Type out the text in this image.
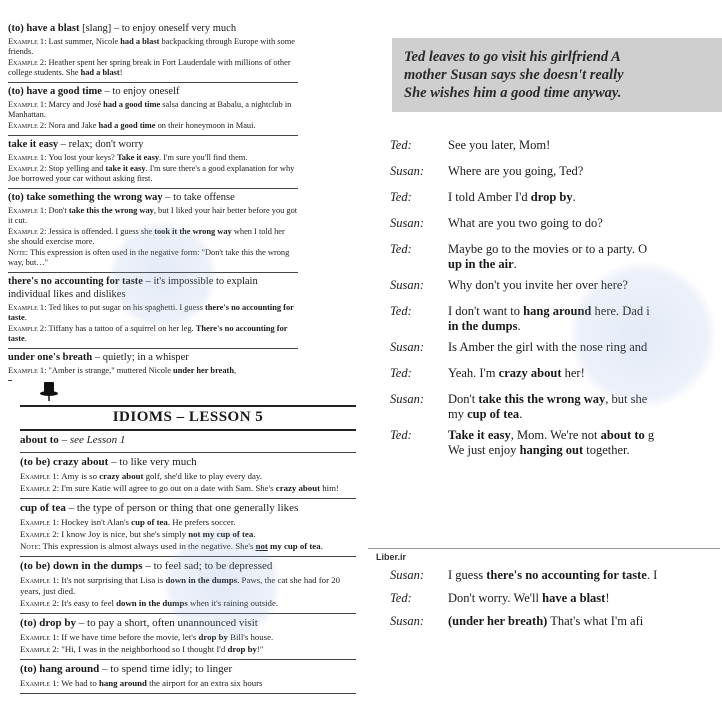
(to) have a blast [slang] – to enjoy oneself very much

Example 1: Last summer, Nicole had a blast backpacking through Europe with some friends.

Example 2: Heather spent her spring break in Fort Lauderdale with millions of other college students. She had a blast!

(to) have a good time – to enjoy oneself

Example 1: Marcy and José had a good time salsa dancing at Babalu, a nightclub in Manhattan.

Example 2: Nora and Jake had a good time on their honeymoon in Maui.

take it easy – relax; don't worry

Example 1: You lost your keys? Take it easy. I'm sure you'll find them.

Example 2: Stop yelling and take it easy. I'm sure there's a good explanation for why Joe borrowed your car without asking first.

(to) take something the wrong way – to take offense

Example 1: Don't take this the wrong way, but I liked your hair better before you got it cut.

Example 2: Jessica is offended. I guess she took it the wrong way when I told her she should exercise more.

Note: This expression is often used in the negative form: "Don't take this the wrong way, but…"

there's no accounting for taste – it's impossible to explain individual likes and dislikes

Example 1: Ted likes to put sugar on his spaghetti. I guess there's no accounting for taste.

Example 2: Tiffany has a tattoo of a squirrel on her leg. There's no accounting for taste.

under one's breath – quietly; in a whisper

Example 1: "Amber is strange," muttered Nicole under her breath,

IDIOMS – LESSON 5

about to – see Lesson 1

(to be) crazy about – to like very much

Example 1: Amy is so crazy about golf, she'd like to play every day.

Example 2: I'm sure Katie will agree to go out on a date with Sam. She's crazy about him!

cup of tea – the type of person or thing that one generally likes

Example 1: Hockey isn't Alan's cup of tea. He prefers soccer.

Example 2: I know Joy is nice, but she's simply not my cup of tea.

Note: This expression is almost always used in the negative. She's not my cup of tea.

(to be) down in the dumps – to feel sad; to be depressed

Example 1: It's not surprising that Lisa is down in the dumps. Paws, the cat she had for 20 years, just died.

Example 2: It's easy to feel down in the dumps when it's raining outside.

(to) drop by – to pay a short, often unannounced visit

Example 1: If we have time before the movie, let's drop by Bill's house.

Example 2: "Hi, I was in the neighborhood so I thought I'd drop by!"

(to) hang around – to spend time idly; to linger

Example 1: We had to hang around the airport for an extra six hours

Ted leaves to go visit his girlfriend A

mother Susan says she doesn't really

She wishes him a good time anyway.

Ted:	See you later, Mom!
Susan:	Where are you going, Ted?
Ted:	I told Amber I'd drop by.
Susan:	What are you two going to do?
Ted:	Maybe go to the movies or to a party. O
up in the air.
Susan:	Why don't you invite her over here?
Ted:	I don't want to hang around here. Dad i
in the dumps.
Susan:	Is Amber the girl with the nose ring and
Ted:	Yeah. I'm crazy about her!
Susan:	Don't take this the wrong way, but she
my cup of tea.
Ted:	Take it easy, Mom. We're not about to g
We just enjoy hanging out together.
Liber.ir
Susan:	I guess there's no accounting for taste. I
Ted:	Don't worry. We'll have a blast!
Susan:	(under her breath) That's what I'm afi
